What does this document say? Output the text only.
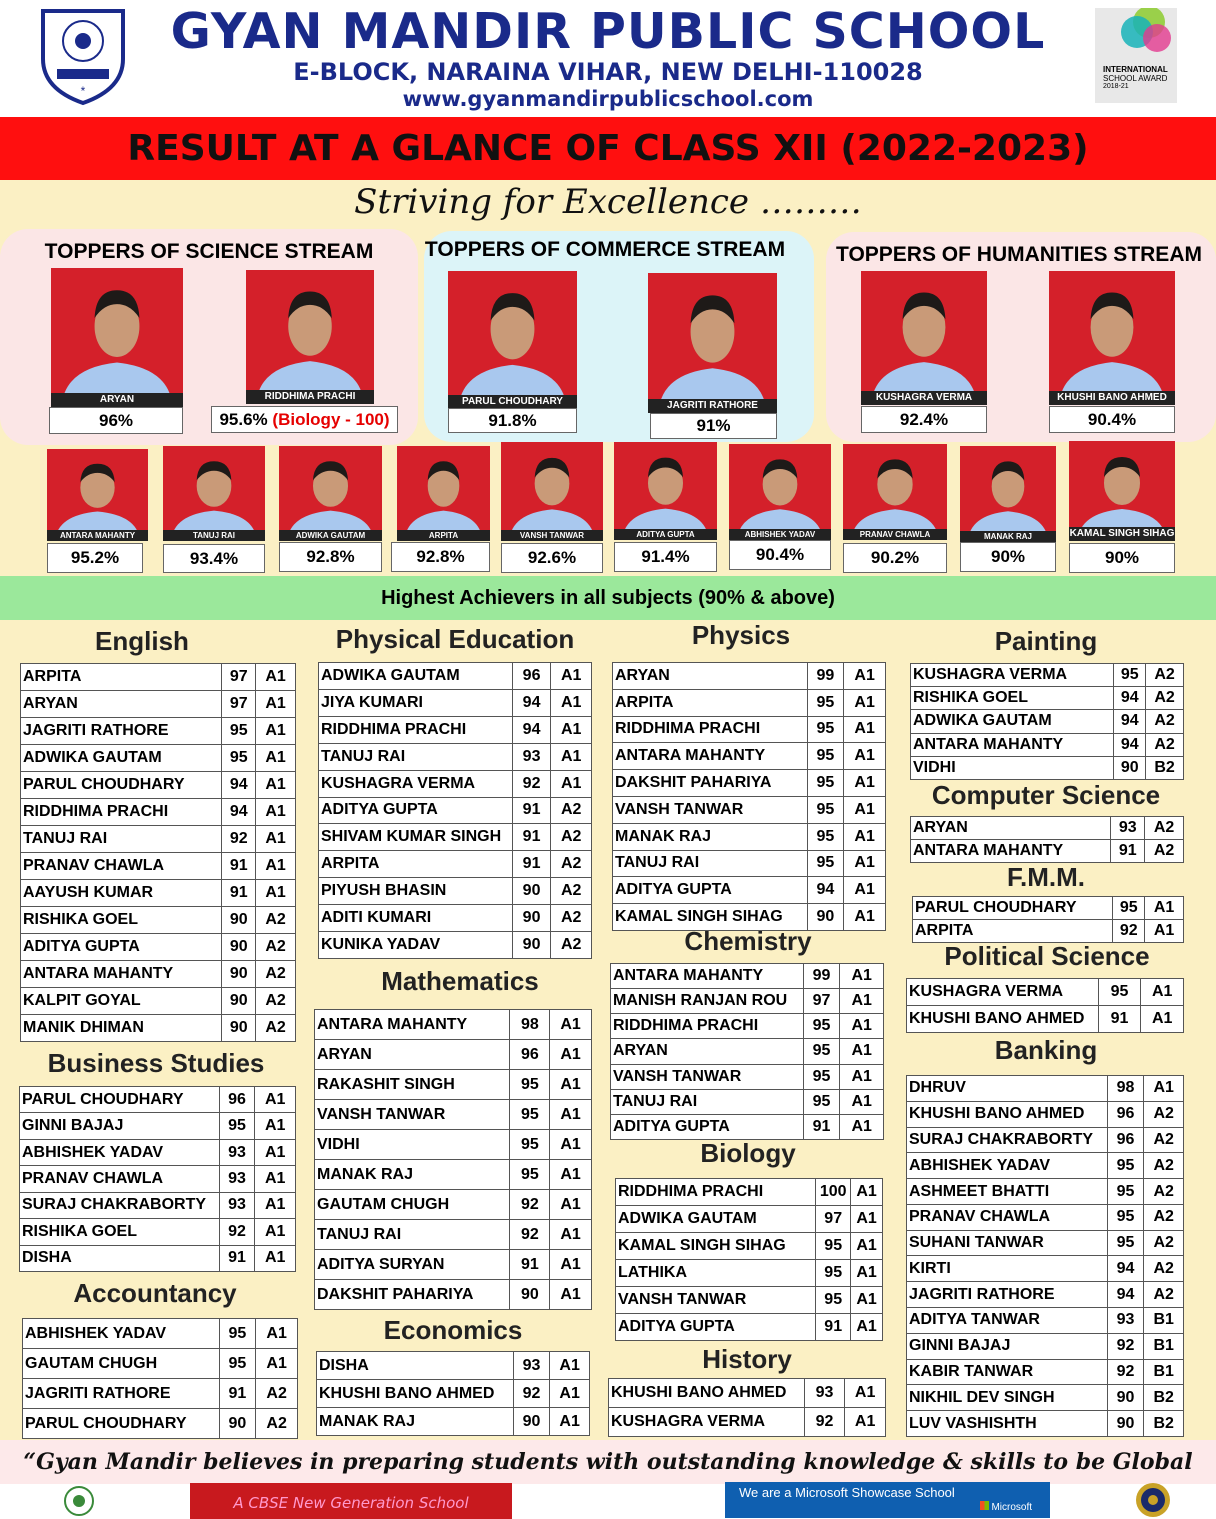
*
GYAN MANDIR PUBLIC SCHOOL
E-BLOCK, NARAINA VIHAR, NEW DELHI-110028
www.gyanmandirpublicschool.com
INTERNATIONAL
SCHOOL AWARD
2018-21
RESULT AT A GLANCE OF CLASS XII (2022-2023)
Striving for Excellence ………
TOPPERS OF SCIENCE STREAM	TOPPERS OF COMMERCE STREAM TOPPERS OF HUMANITIES STREAM
ARYAN
96%
RIDDHIMA PRACHI
95.6% (Biology - 100)
PARUL CHOUDHARY
91.8%
JAGRITI RATHORE
91%
KUSHAGRA VERMA
92.4%
KHUSHI BANO AHMED
90.4%
ANTARA MAHANTY
95.2%
TANUJ RAI
93.4%
ADWIKA GAUTAM
92.8%
ARPITA
92.8%
VANSH TANWAR
92.6%
ADITYA GUPTA
91.4%
ABHISHEK YADAV
90.4%
PRANAV CHAWLA
90.2%
MANAK RAJ
90%
KAMAL SINGH SIHAG
90%
Highest Achievers in all subjects (90% & above)
English
ARPITA	97	A1
ARYAN	97	A1
JAGRITI RATHORE	95	A1
ADWIKA GAUTAM	95	A1
PARUL CHOUDHARY	94	A1
RIDDHIMA PRACHI	94	A1
TANUJ RAI	92	A1
PRANAV CHAWLA	91	A1
AAYUSH KUMAR	91	A1
RISHIKA GOEL	90	A2
ADITYA GUPTA	90	A2
ANTARA MAHANTY	90	A2
KALPIT GOYAL	90	A2
MANIK DHIMAN	90	A2
Business Studies
PARUL CHOUDHARY	96	A1
GINNI BAJAJ	95	A1
ABHISHEK YADAV	93	A1
PRANAV CHAWLA	93	A1
SURAJ CHAKRABORTY	93	A1
RISHIKA GOEL	92	A1
DISHA	91	A1
Accountancy
ABHISHEK YADAV	95	A1
GAUTAM CHUGH	95	A1
JAGRITI RATHORE	91	A2
PARUL CHOUDHARY	90	A2
Physical Education
ADWIKA GAUTAM	96	A1
JIYA KUMARI	94	A1
RIDDHIMA PRACHI	94	A1
TANUJ RAI	93	A1
KUSHAGRA VERMA	92	A1
ADITYA GUPTA	91	A2
SHIVAM KUMAR SINGH	91	A2
ARPITA	91	A2
PIYUSH BHASIN	90	A2
ADITI KUMARI	90	A2
KUNIKA YADAV	90	A2
Mathematics
ANTARA MAHANTY	98	A1
ARYAN	96	A1
RAKASHIT SINGH	95	A1
VANSH TANWAR	95	A1
VIDHI	95	A1
MANAK RAJ	95	A1
GAUTAM CHUGH	92	A1
TANUJ RAI	92	A1
ADITYA SURYAN	91	A1
DAKSHIT PAHARIYA	90	A1
Economics
DISHA	93	A1
KHUSHI BANO AHMED	92	A1
MANAK RAJ	90	A1
Physics
ARYAN	99	A1
ARPITA	95	A1
RIDDHIMA PRACHI	95	A1
ANTARA MAHANTY	95	A1
DAKSHIT PAHARIYA	95	A1
VANSH TANWAR	95	A1
MANAK RAJ	95	A1
TANUJ RAI	95	A1
ADITYA GUPTA	94	A1
KAMAL SINGH SIHAG	90	A1
Chemistry
ANTARA MAHANTY	99	A1
MANISH RANJAN ROU	97	A1
RIDDHIMA PRACHI	95	A1
ARYAN	95	A1
VANSH TANWAR	95	A1
TANUJ RAI	95	A1
ADITYA GUPTA	91	A1
Biology
RIDDHIMA PRACHI	100	A1
ADWIKA GAUTAM	97	A1
KAMAL SINGH SIHAG	95	A1
LATHIKA	95	A1
VANSH TANWAR	95	A1
ADITYA GUPTA	91	A1
History
KHUSHI BANO AHMED	93	A1
KUSHAGRA VERMA	92	A1
Painting
KUSHAGRA VERMA	95	A2
RISHIKA GOEL	94	A2
ADWIKA GAUTAM	94	A2
ANTARA MAHANTY	94	A2
VIDHI	90	B2
Computer Science
ARYAN	93	A2
ANTARA MAHANTY	91	A2
F.M.M.
PARUL CHOUDHARY	95	A1
ARPITA	92	A1
Political Science
KUSHAGRA VERMA	95	A1
KHUSHI BANO AHMED	91	A1
Banking
DHRUV	98	A1
KHUSHI BANO AHMED	96	A2
SURAJ CHAKRABORTY	96	A2
ABHISHEK YADAV	95	A2
ASHMEET BHATTI	95	A2
PRANAV CHAWLA	95	A2
SUHANI TANWAR	95	A2
KIRTI	94	A2
JAGRITI RATHORE	94	A2
ADITYA TANWAR	93	B1
GINNI BAJAJ	92	B1
KABIR TANWAR	92	B1
NIKHIL DEV SINGH	90	B2
LUV VASHISHTH	90	B2
“Gyan Mandir believes in preparing students with outstanding knowledge & skills to be Global
A CBSE New Generation School
We are a Microsoft Showcase School
Microsoft
